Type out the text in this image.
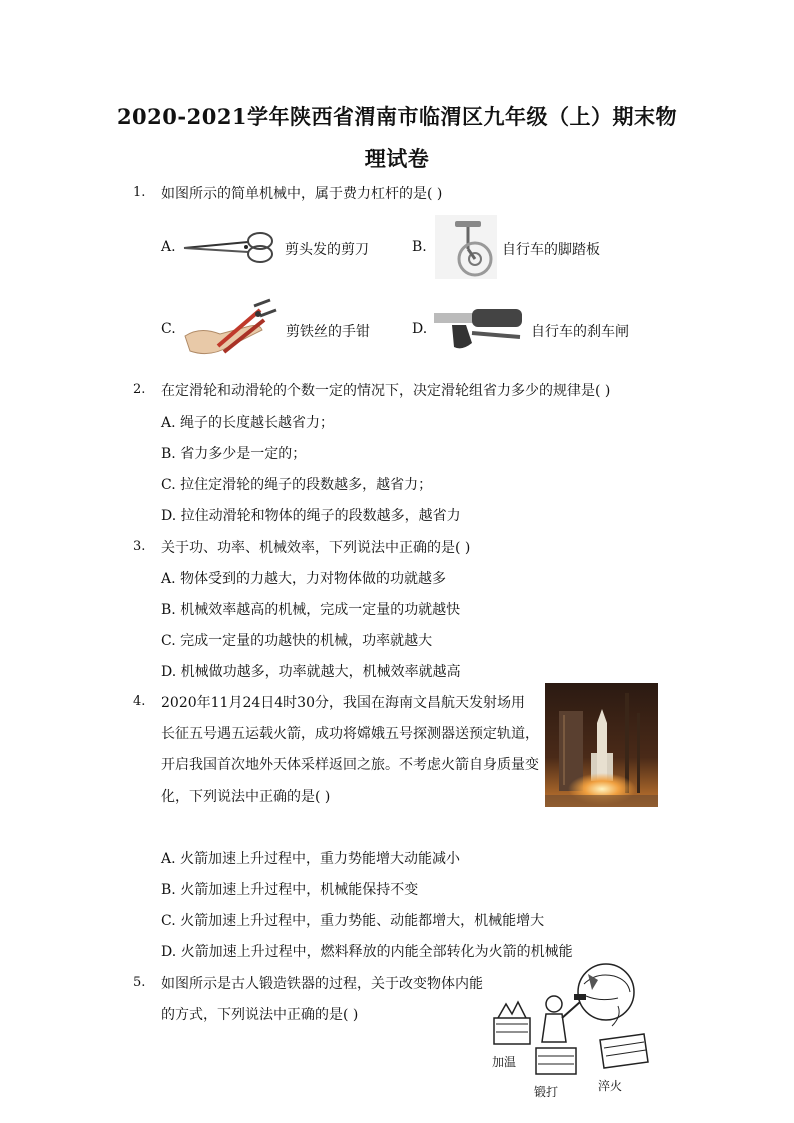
2020-2021学年陕西省渭南市临渭区九年级（上）期末物
理试卷
1. 如图所示的简单机械中，属于费力杠杆的是( )
A.	剪头发的剪刀	B.	自行车的脚踏板
C.	剪铁丝的手钳	D.	自行车的刹车闸
2. 在定滑轮和动滑轮的个数一定的情况下，决定滑轮组省力多少的规律是( )
A. 绳子的长度越长越省力；
B. 省力多少是一定的；
C. 拉住定滑轮的绳子的段数越多，越省力；
D. 拉住动滑轮和物体的绳子的段数越多，越省力
3. 关于功、功率、机械效率，下列说法中正确的是( )
A. 物体受到的力越大，力对物体做的功就越多
B. 机械效率越高的机械，完成一定量的功就越快
C. 完成一定量的功越快的机械，功率就越大
D. 机械做功越多，功率就越大，机械效率就越高
4. 2020年11月24日4时30分，我国在海南文昌航天发射场用
长征五号遇五运载火箭，成功将嫦娥五号探测器送预定轨道，
开启我国首次地外天体采样返回之旅。不考虑火箭自身质量变
化，下列说法中正确的是( )
A. 火箭加速上升过程中，重力势能增大动能减小
B. 火箭加速上升过程中，机械能保持不变
C. 火箭加速上升过程中，重力势能、动能都增大，机械能增大
D. 火箭加速上升过程中，燃料释放的内能全部转化为火箭的机械能
5. 如图所示是古人锻造铁器的过程，关于改变物体内能
的方式，下列说法中正确的是( )
加温
锻打	淬火
